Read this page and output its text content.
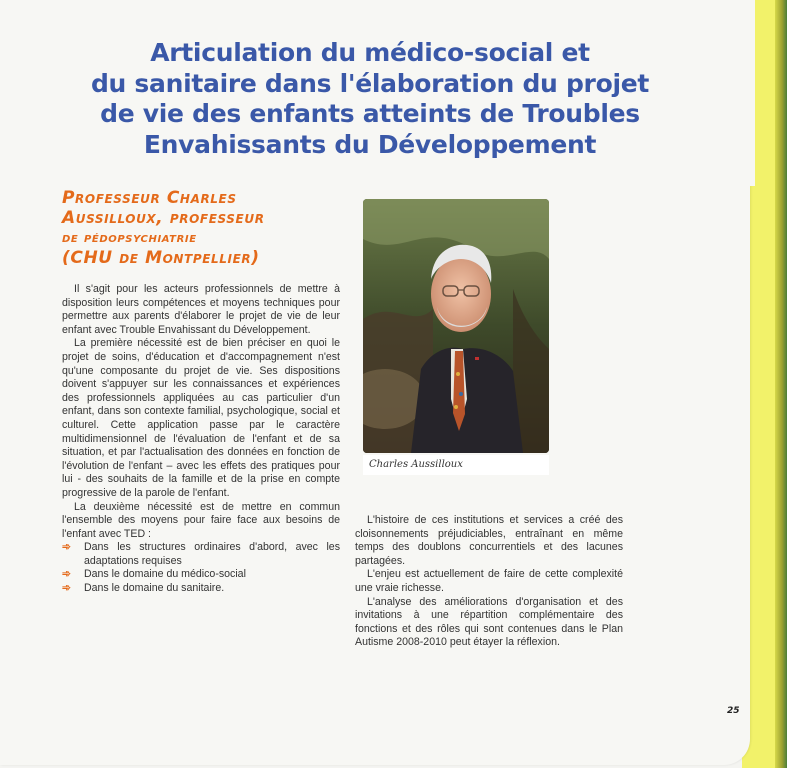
Articulation du médico-social et
du sanitaire dans l'élaboration du projet
de vie des enfants atteints de Troubles
Envahissants du Développement
Professeur Charles
Aussilloux, professeur
de pédopsychiatrie
(CHU de Montpellier)

Il s'agit pour les acteurs professionnels de mettre à disposition leurs compétences et moyens techniques pour permettre aux parents d'élaborer le projet de vie de leur enfant avec Trouble Envahissant du Développement.

La première nécessité est de bien préciser en quoi le projet de soins, d'éducation et d'accompagnement n'est qu'une composante du projet de vie. Ses dispositions doivent s'appuyer sur les connaissances et expériences des professionnels appliquées au cas particulier d'un enfant, dans son contexte familial, psychologique, social et culturel. Cette application passe par le caractère multidimensionnel de l'évaluation de l'enfant et de sa situation, et par l'actualisation des données en fonction de l'évolution de l'enfant – avec les effets des pratiques pour lui - des souhaits de la famille et de la prise en compte progressive de la parole de l'enfant.

La deuxième nécessité est de mettre en commun l'ensemble des moyens pour faire face aux besoins de l'enfant avec TED :

➾ Dans les structures ordinaires d'abord, avec les adaptations requises
➾ Dans le domaine du médico-social
➾ Dans le domaine du sanitaire.
Charles Aussilloux

L'histoire de ces institutions et services a créé des cloisonnements préjudiciables, entraînant en même temps des doublons concurrentiels et des lacunes partagées.

L'enjeu est actuellement de faire de cette complexité une vraie richesse.

L'analyse des améliorations d'organisation et des invitations à une répartition complémentaire des fonctions et des rôles qui sont contenues dans le Plan Autisme 2008-2010 peut étayer la réflexion.

25
